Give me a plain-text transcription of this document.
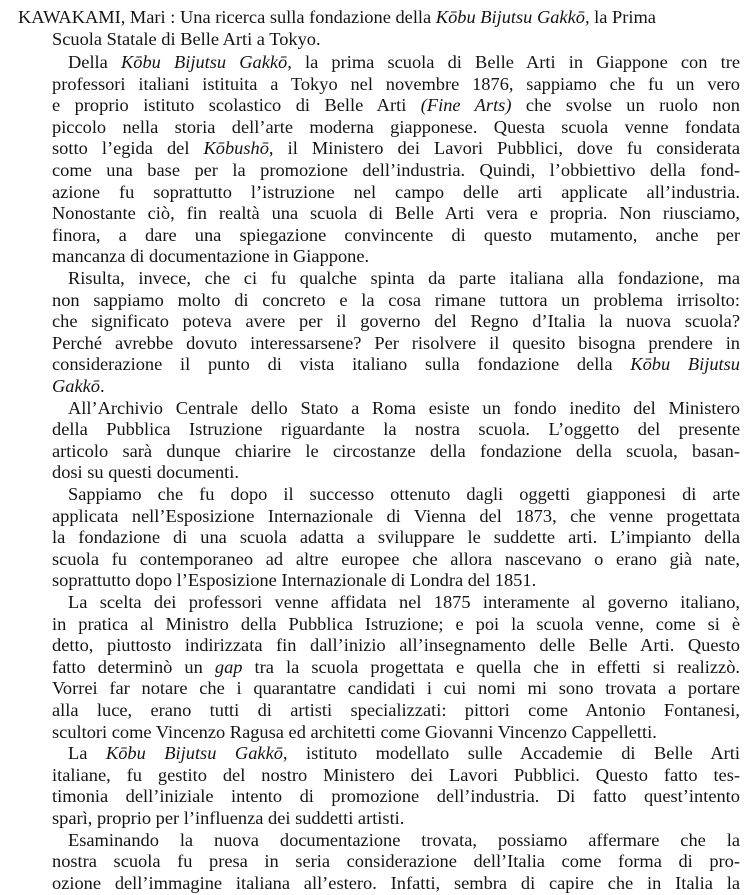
KAWAKAMI, Mari : Una ricerca sulla fondazione della Kōbu Bijutsu Gakkō, la Prima
Scuola Statale di Belle Arti a Tokyo.
Della Kōbu Bijutsu Gakkō, la prima scuola di Belle Arti in Giappone con tre
professori italiani istituita a Tokyo nel novembre 1876, sappiamo che fu un vero
e proprio istituto scolastico di Belle Arti (Fine Arts) che svolse un ruolo non
piccolo nella storia dell’arte moderna giapponese. Questa scuola venne fondata
sotto l’egida del Kōbushō, il Ministero dei Lavori Pubblici, dove fu considerata
come una base per la promozione dell’industria. Quindi, l’obbiettivo della fond-
azione fu soprattutto l’istruzione nel campo delle arti applicate all’industria.
Nonostante ciò, fin realtà una scuola di Belle Arti vera e propria. Non riusciamo,
finora, a dare una spiegazione convincente di questo mutamento, anche per
mancanza di documentazione in Giappone.
Risulta, invece, che ci fu qualche spinta da parte italiana alla fondazione, ma
non sappiamo molto di concreto e la cosa rimane tuttora un problema irrisolto:
che significato poteva avere per il governo del Regno d’Italia la nuova scuola?
Perché avrebbe dovuto interessarsene? Per risolvere il quesito bisogna prendere in
considerazione il punto di vista italiano sulla fondazione della Kōbu Bijutsu
Gakkō.
All’Archivio Centrale dello Stato a Roma esiste un fondo inedito del Ministero
della Pubblica Istruzione riguardante la nostra scuola. L’oggetto del presente
articolo sarà dunque chiarire le circostanze della fondazione della scuola, basan-
dosi su questi documenti.
Sappiamo che fu dopo il successo ottenuto dagli oggetti giapponesi di arte
applicata nell’Esposizione Internazionale di Vienna del 1873, che venne progettata
la fondazione di una scuola adatta a sviluppare le suddette arti. L’impianto della
scuola fu contemporaneo ad altre europee che allora nascevano o erano già nate,
soprattutto dopo l’Esposizione Internazionale di Londra del 1851.
La scelta dei professori venne affidata nel 1875 interamente al governo italiano,
in pratica al Ministro della Pubblica Istruzione; e poi la scuola venne, come si è
detto, piuttosto indirizzata fin dall’inizio all’insegnamento delle Belle Arti. Questo
fatto determinò un gap tra la scuola progettata e quella che in effetti si realizzò.
Vorrei far notare che i quarantatre candidati i cui nomi mi sono trovata a portare
alla luce, erano tutti di artisti specializzati: pittori come Antonio Fontanesi,
scultori come Vincenzo Ragusa ed architetti come Giovanni Vincenzo Cappelletti.
La Kōbu Bijutsu Gakkō, istituto modellato sulle Accademie di Belle Arti
italiane, fu gestito del nostro Ministero dei Lavori Pubblici. Questo fatto tes-
timonia dell’iniziale intento di promozione dell’industria. Di fatto quest’intento
sparì, proprio per l’influenza dei suddetti artisti.
Esaminando la nuova documentazione trovata, possiamo affermare che la
nostra scuola fu presa in seria considerazione dell’Italia come forma di pro-
ozione dell’immagine italiana all’estero. Infatti, sembra di capire che in Italia la
